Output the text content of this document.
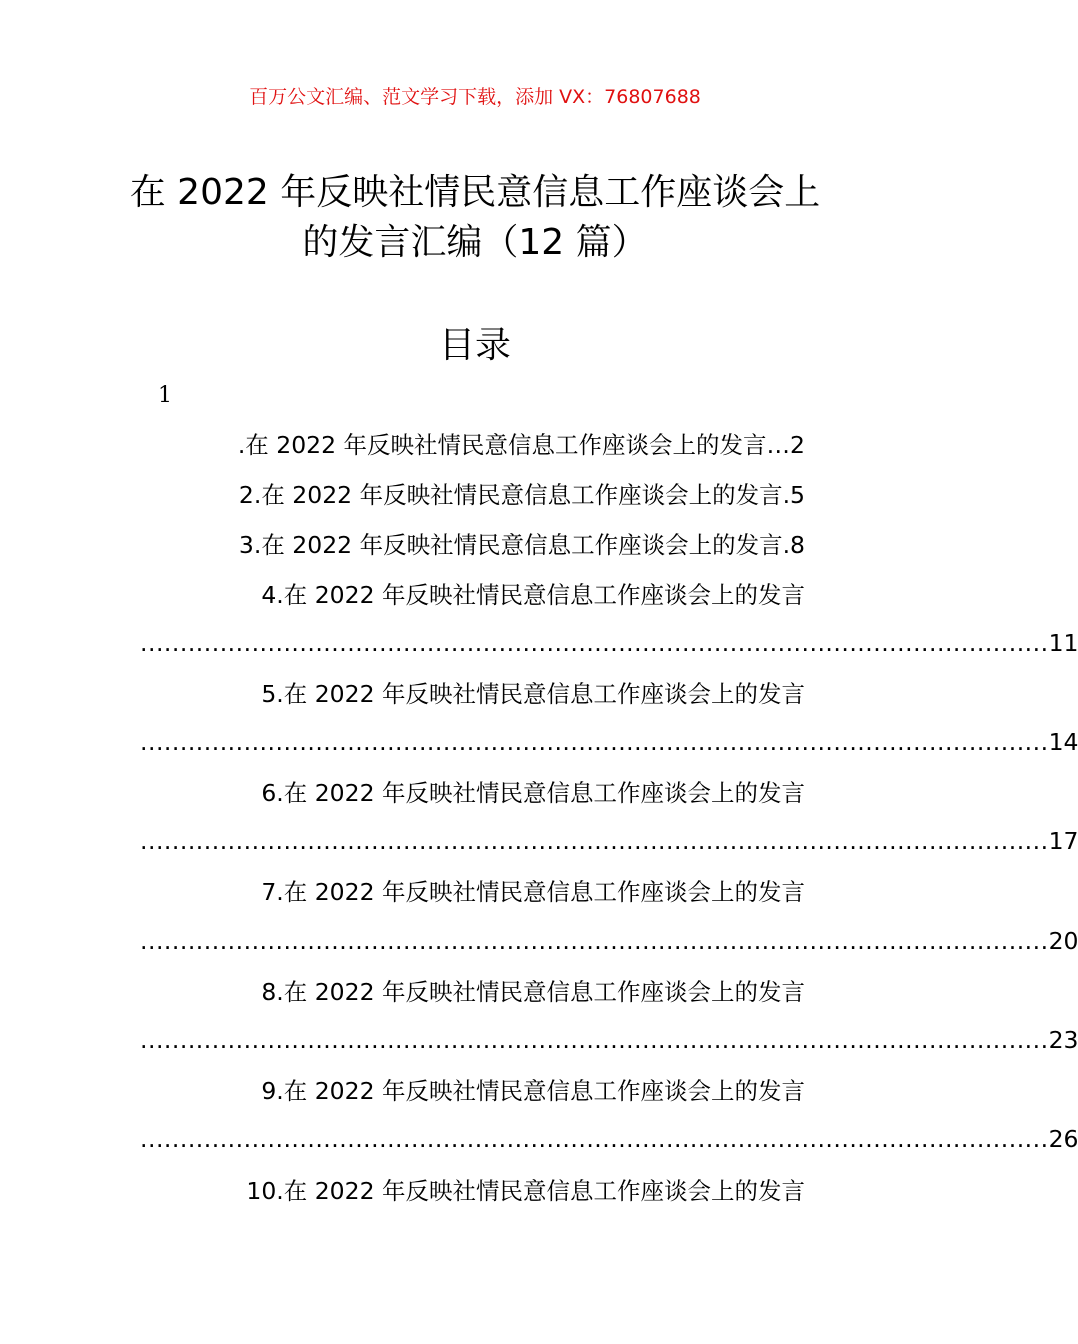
百万公文汇编、范文学习下载，添加 VX：76807688
在 2022 年反映社情民意信息工作座谈会上
的发言汇编（12 篇）
目录
1
.在 2022 年反映社情民意信息工作座谈会上的发言…2
2.在 2022 年反映社情民意信息工作座谈会上的发言.5
3.在 2022 年反映社情民意信息工作座谈会上的发言.8
4.在 2022 年反映社情民意信息工作座谈会上的发言
.................................................................................................................. 11
5.在 2022 年反映社情民意信息工作座谈会上的发言
.................................................................................................................. 14
6.在 2022 年反映社情民意信息工作座谈会上的发言
.................................................................................................................. 17
7.在 2022 年反映社情民意信息工作座谈会上的发言
.................................................................................................................. 20
8.在 2022 年反映社情民意信息工作座谈会上的发言
.................................................................................................................. 23
9.在 2022 年反映社情民意信息工作座谈会上的发言
.................................................................................................................. 26
10.在 2022 年反映社情民意信息工作座谈会上的发言
